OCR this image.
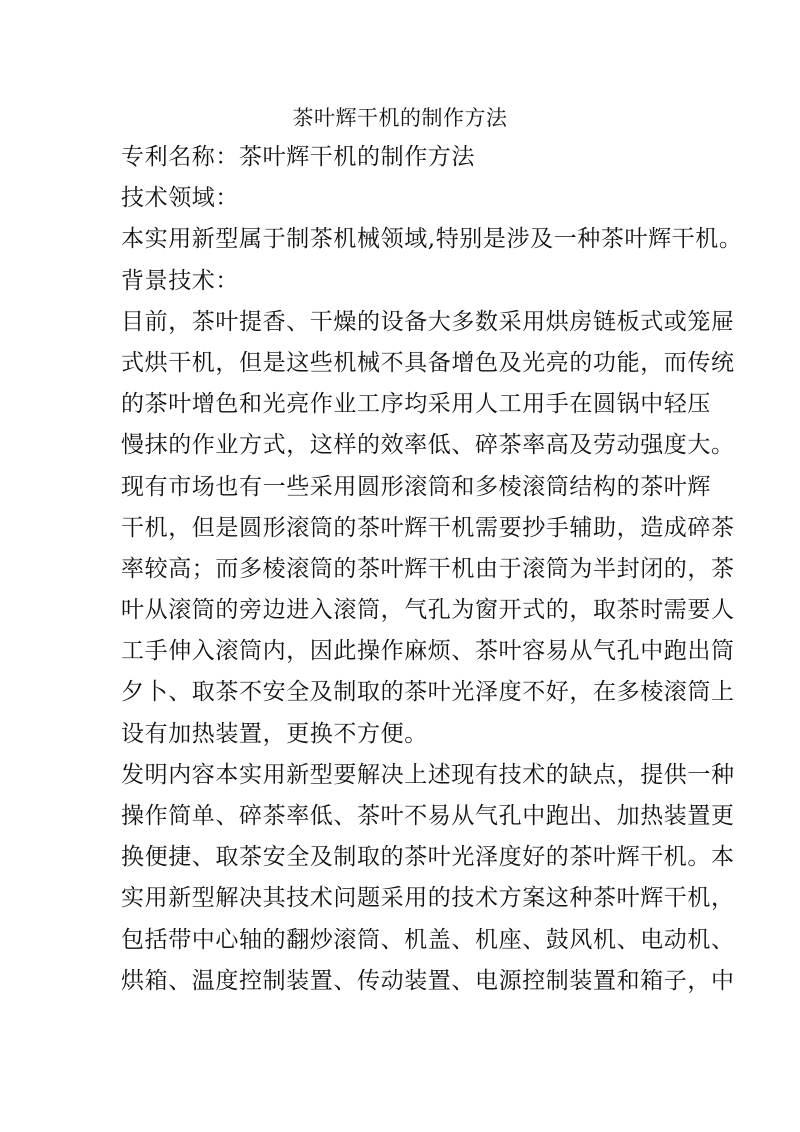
茶叶辉干机的制作方法
专利名称：茶叶辉干机的制作方法
技术领域：
本实用新型属于制茶机械领域,特别是涉及一种茶叶辉干机。
背景技术：
目前，茶叶提香、干燥的设备大多数采用烘房链板式或笼屉
式烘干机，但是这些机械不具备增色及光亮的功能，而传统
的茶叶增色和光亮作业工序均采用人工用手在圆锅中轻压
慢抹的作业方式，这样的效率低、碎茶率高及劳动强度大。
现有市场也有一些采用圆形滚筒和多棱滚筒结构的茶叶辉
干机，但是圆形滚筒的茶叶辉干机需要抄手辅助，造成碎茶
率较高；而多棱滚筒的茶叶辉干机由于滚筒为半封闭的，茶
叶从滚筒的旁边进入滚筒，气孔为窗开式的，取茶时需要人
工手伸入滚筒内，因此操作麻烦、茶叶容易从气孔中跑出筒
夕卜、取茶不安全及制取的茶叶光泽度不好，在多棱滚筒上
设有加热装置，更换不方便。
发明内容本实用新型要解决上述现有技术的缺点，提供一种
操作简单、碎茶率低、茶叶不易从气孔中跑出、加热装置更
换便捷、取茶安全及制取的茶叶光泽度好的茶叶辉干机。本
实用新型解决其技术问题采用的技术方案这种茶叶辉干机，
包括带中心轴的翻炒滚筒、机盖、机座、鼓风机、电动机、
烘箱、温度控制装置、传动装置、电源控制装置和箱子，中
